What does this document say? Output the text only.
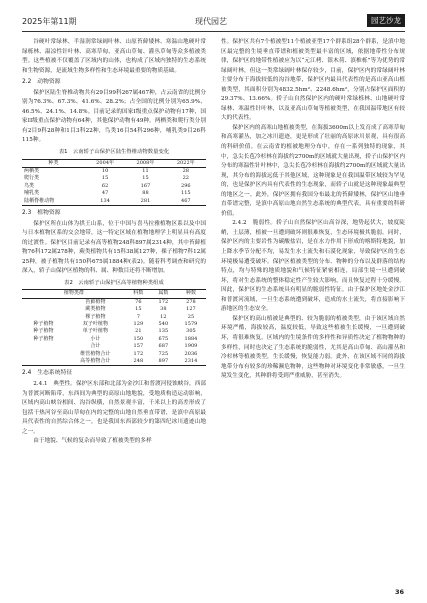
2025年第11期	现代园艺	园艺沙龙

谷硬叶常绿林、半湿润常绿阔叶林、山原苔藓矮林、寒温山地硬叶常绿栎林、温凉性针叶林、高寒草甸、亚高山草甸、灌丛草甸等众多植被类型。这些植被不仅覆盖了区域内的山体，也构成了区域内独特的生态系统和生物资源，是流域生物多样性和生态环境最重要的物质基础。

2.2　动物资源

保护区陆生脊椎动物共有29目99科267属467种，占云南省的比例分别为76.3%、67.3%、41.6%、28.2%；占全国的比例分别为65.9%、46.5%、24.1%、14.8%。目前记录的国家I级重点保护动物有17种，国家II级重点保护动物有64种，其他保护动物有49种。两栖类和爬行类分别有2目9科28种和1目3科22种，鸟类16目54科296种，哺乳类9目26科115种。

表1　云南轿子山保护区陆生脊椎动物数量变化
种类	2004年	2008年	2022年
两栖类	10	11	28
爬行类	15	15	22
鸟类	62	167	296
哺乳类	47	88	115
陆栖脊椎动物	134	281	467
2.3　植物资源

保护区所在山体为拱王山系，位于中国与喜马拉雅植物区系以及中国与日本植物区系的交会地带，这一特定区域在植物地理学上明显具有高度的过渡性。保护区目前记录有高等植物248科897属2314种，其中苔藓植物76科172属278种，蕨类植物共有15科38属127种，裸子植物7科12属25种，被子植物共有150科675属1884种(表2)。随着科考调查和研究的深入，轿子山保护区植物的科、属、种数目还将不断增加。

表2　云南轿子山保护区高等植物种类组成
植物类群		科数	属数	种数
	苔藓植物	76	172	278
	蕨类植物	15	38	127
	裸子植物	7	12	25
种子植物	双子叶植物	129	540	1579
种子植物	单子叶植物	21	135	305
种子植物	小计	150	675	1884
	合计	157	687	1909
	维管植物合计	172	725	2036
	高等植物合计	248	897	2314
2.4　生态系统特征

2.4.1　典型性。保护区东部和北部为金沙江和普渡河侵蚀峡谷，西部为普渡河断陷带，东西间为典型的高原山地地貌，受地质构造运动影响，区域内高山峡谷相间、沟谷纵横，自然景观丰富，千米以上的高差形成了包括干热河谷至高山草甸在内的完整的山地自然垂直带谱，是滇中高原最具代表性的自然综合体之一，也是我国东西部较少的第四纪冰川遗迹山地之一。

由于地貌、气候的复杂而导致了植被类型的多样

性。保护区共有7个植被型11个植被亚型17个群系组28个群系，是滇中地区最完整的生境垂直带谱和植被类型最丰富的区域，依据地带性分布规律，保护区的地带性植被应为以“元江栲、银木荷、滇椎栎”等为优势的常绿阔叶林，但这一类常绿阔叶林保存较少，目前，保护区内的常绿阔叶林主要分布于海拔较低的沟谷地带，保护区内最具代表性的是高山亚高山植被类型，其面积分别为4832.5hm²、2248.6hm²，分别占保护区面积的29.37%、13.66%。轿子山自然保护区内的硬叶常绿栎林、山地硬叶常绿林、寒温性针叶林，以及亚高山草甸等植被类型，在我国温带地区有较大的代表性。

保护区内的高寒山地植被类型，在海拔3600m以上发育成了高寒草甸和高寒灌丛，加之冰川遗迹，更是形成了壮丽的高原冰川景观，具有很高的科研价值。在云南省的植被地理分布中，存在一系列独特的现象，其中，急尖长苞冷杉林在海拔约2700m的区域就大量出现，轿子山保护区内分布的寒温性针叶林中，急尖长苞冷杉林在海拔约2700m的区域就大量出现，其分布的海拔远低于其他区域，这种现象是在我国温带区域较为罕见的，也是保护区内具有代表性的生态现象，而轿子山就是这种现象最典型的地区之一。此外，保护区拥有我国分布最北的苔藓矮林，保护区山地垂直带谱完整，是滇中高原山地自然生态系统的典型代表，具有重要的科研价值。

2.4.2　脆弱性。轿子山自然保护区山高谷深，地势起伏大，坡度陡峭，土层薄，植被一旦遭到破坏则很难恢复，生态环境极其脆弱。同时，保护区内的主要岩性为碳酸盐岩，是在水力作用下形成的喀斯特地貌，加上降水季节分配不均，易发生水土流失和石漠化现象，导致保护区的生态环境极易遭受破坏。保护区植被类型的分布、物种的分布以及群落的结构特点，均与特殊的地质地貌和气候特征紧密相连，局部生境一旦遭到破坏，将对生态系统的整体稳定性产生较大影响，而且恢复过程十分缓慢。因此，保护区的生态系统具有明显的脆弱性特征。由于保护区地处金沙江和普渡河流域，一旦生态系统遭到破坏，造成的水土流失，将直接影响下游地区的生态安全。

保护区的高山植被是典型的、较为脆弱的植被类型，由于该区域自然环境严酷，海拔较高，温度较低，导致这些植被生长缓慢，一旦遭到破坏，将很难恢复。区域内的生境条件的多样性和异质性决定了植物物种的多样性，同时也决定了生态系统的脆弱性，尤其是高山草甸、高山灌丛和冷杉林等植被类型，生长缓慢，恢复能力弱。此外，在该区域不同的海拔地带分布有较多的珍稀濒危物种，这些物种对环境变化非常敏感，一旦生境发生变化，其种群将受到严重威胁，甚至消失。

36
